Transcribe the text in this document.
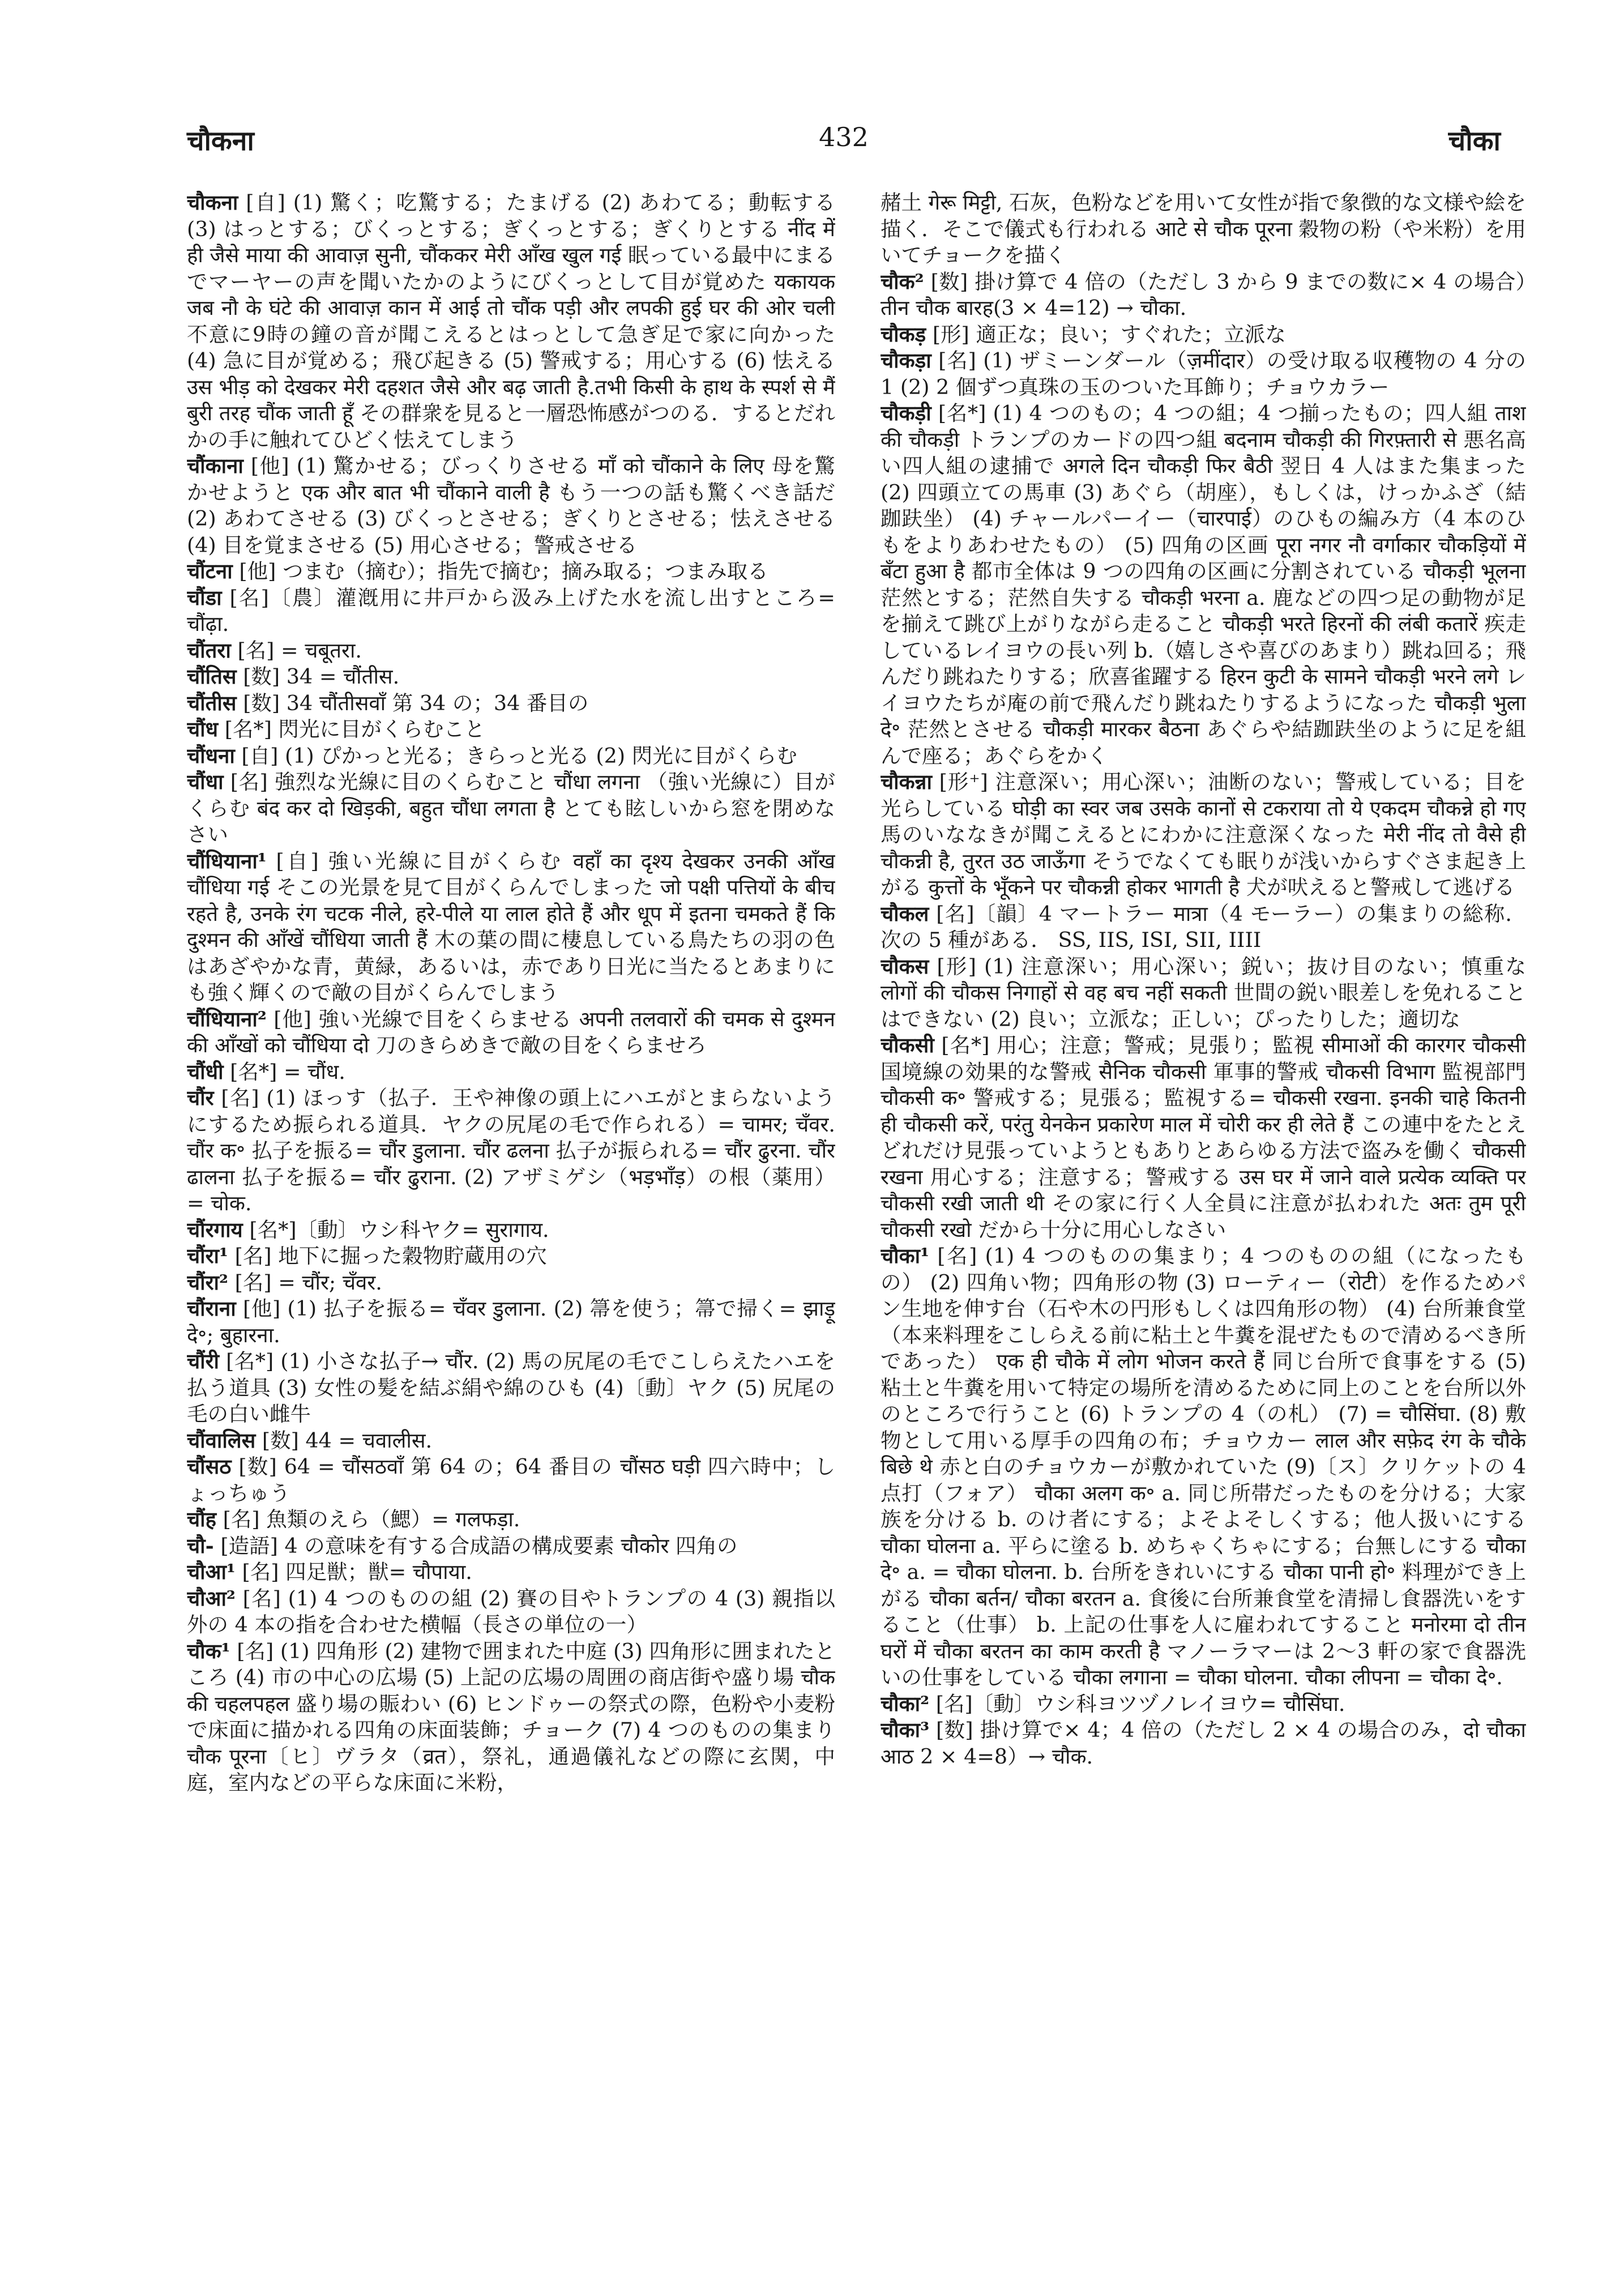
चौकना	432	चौका

चौकना [自] (1) 驚く；吃驚する；たまげる (2) あわてる；動転する (3) はっとする；びくっとする；ぎくっとする；ぎくりとする नींद में ही जैसे माया की आवाज़ सुनी, चौंककर मेरी आँख खुल गई 眠っている最中にまるでマーヤーの声を聞いたかのようにびくっとして目が覚めた यकायक जब नौ के घंटे की आवाज़ कान में आई तो चौंक पड़ी और लपकी हुई घर की ओर चली 不意に9時の鐘の音が聞こえるとはっとして急ぎ足で家に向かった (4) 急に目が覚める；飛び起きる (5) 警戒する；用心する (6) 怯える उस भीड़ को देखकर मेरी दहशत जैसे और बढ़ जाती है.तभी किसी के हाथ के स्पर्श से मैं बुरी तरह चौंक जाती हूँ その群衆を見ると一層恐怖感がつのる．するとだれかの手に触れてひどく怯えてしまう

चौंकाना [他] (1) 驚かせる；びっくりさせる माँ को चौंकाने के लिए 母を驚かせようと एक और बात भी चौंकाने वाली है もう一つの話も驚くべき話だ (2) あわてさせる (3) びくっとさせる；ぎくりとさせる；怯えさせる (4) 目を覚まさせる (5) 用心させる；警戒させる

चौंटना [他] つまむ（摘む）；指先で摘む；摘み取る；つまみ取る

चौंडा [名]〔農〕灌漑用に井戸から汲み上げた水を流し出すところ= चौंढ़ा.

चौंतरा [名] = चबूतरा.

चौंतिस [数] 34 = चौंतीस.

चौंतीस [数] 34 चौंतीसवाँ 第 34 の；34 番目の

चौंध [名*] 閃光に目がくらむこと

चौंधना [自] (1) ぴかっと光る；きらっと光る (2) 閃光に目がくらむ

चौंधा [名] 強烈な光線に目のくらむこと चौंधा लगना （強い光線に）目がくらむ बंद कर दो खिड़की, बहुत चौंधा लगता है とても眩しいから窓を閉めなさい

चौंधियाना¹ [自] 強い光線に目がくらむ वहाँ का दृश्य देखकर उनकी आँख चौंधिया गई そこの光景を見て目がくらんでしまった जो पक्षी पत्तियों के बीच रहते है, उनके रंग चटक नीले, हरे-पीले या लाल होते हैं और धूप में इतना चमकते हैं कि दुश्मन की आँखें चौंधिया जाती हैं 木の葉の間に棲息している鳥たちの羽の色はあざやかな青，黄緑，あるいは，赤であり日光に当たるとあまりにも強く輝くので敵の目がくらんでしまう

चौंधियाना² [他] 強い光線で目をくらませる अपनी तलवारों की चमक से दुश्मन की आँखों को चौंधिया दो 刀のきらめきで敵の目をくらませろ

चौंधी [名*] = चौंध.

चौंर [名] (1) ほっす（払子．王や神像の頭上にハエがとまらないようにするため振られる道具．ヤクの尻尾の毛で作られる）= चामर; चँवर. चौंर क॰ 払子を振る= चौंर डुलाना. चौंर ढलना 払子が振られる= चौंर ढुरना. चौंर ढालना 払子を振る= चौंर ढुराना. (2) アザミゲシ（भड़भाँड़）の根（薬用）= चोक.

चौंरगाय [名*]〔動〕ウシ科ヤク= सुरागाय.

चौंरा¹ [名] 地下に掘った穀物貯蔵用の穴

चौंरा² [名] = चौंर; चँवर.

चौंराना [他] (1) 払子を振る= चँवर डुलाना. (2) 箒を使う；箒で掃く= झाड़ू दे॰; बुहारना.

चौंरी [名*] (1) 小さな払子→ चौंर. (2) 馬の尻尾の毛でこしらえたハエを払う道具 (3) 女性の髪を結ぶ絹や綿のひも (4)〔動〕ヤク (5) 尻尾の毛の白い雌牛

चौंवालिस [数] 44 = चवालीस.

चौंसठ [数] 64 = चौंसठवाँ 第 64 の；64 番目の चौंसठ घड़ी 四六時中；しょっちゅう

चौंह [名] 魚類のえら（鰓）= गलफड़ा.

चौ- [造語] 4 の意味を有する合成語の構成要素 चौकोर 四角の

चौआ¹ [名] 四足獣；獣= चौपाया.

चौआ² [名] (1) 4 つのものの組 (2) 賽の目やトランプの 4 (3) 親指以外の 4 本の指を合わせた横幅（長さの単位の一）

चौक¹ [名] (1) 四角形 (2) 建物で囲まれた中庭 (3) 四角形に囲まれたところ (4) 市の中心の広場 (5) 上記の広場の周囲の商店街や盛り場 चौक की चहलपहल 盛り場の賑わい (6) ヒンドゥーの祭式の際，色粉や小麦粉で床面に描かれる四角の床面装飾；チョーク (7) 4 つのものの集まり चौक पूरना〔ヒ〕ヴラタ（व्रत），祭礼，通過儀礼などの際に玄関，中庭，室内などの平らな床面に米粉，

赭土 गेरू मिट्टी, 石灰，色粉などを用いて女性が指で象徴的な文様や絵を描く．そこで儀式も行われる आटे से चौक पूरना 穀物の粉（や米粉）を用いてチョークを描く

चौक² [数] 掛け算で 4 倍の（ただし 3 から 9 までの数に× 4 の場合）तीन चौक बारह(3 × 4=12) → चौका.

चौकड़ [形] 適正な；良い；すぐれた；立派な

चौकड़ा [名] (1) ザミーンダール（ज़मींदार）の受け取る収穫物の 4 分の 1 (2) 2 個ずつ真珠の玉のついた耳飾り；チョウカラー

चौकड़ी [名*] (1) 4 つのもの；4 つの組；4 つ揃ったもの；四人組 ताश की चौकड़ी トランプのカードの四つ組 बदनाम चौकड़ी की गिरफ़्तारी से 悪名高い四人組の逮捕で अगले दिन चौकड़ी फिर बैठी 翌日 4 人はまた集まった (2) 四頭立ての馬車 (3) あぐら（胡座），もしくは，けっかふざ（結跏趺坐） (4) チャールパーイー（चारपाई）のひもの編み方（4 本のひもをよりあわせたもの） (5) 四角の区画 पूरा नगर नौ वर्गाकार चौकड़ियों में बँटा हुआ है 都市全体は 9 つの四角の区画に分割されている चौकड़ी भूलना 茫然とする；茫然自失する चौकड़ी भरना a. 鹿などの四つ足の動物が足を揃えて跳び上がりながら走ること चौकड़ी भरते हिरनों की लंबी कतारें 疾走しているレイヨウの長い列 b.（嬉しさや喜びのあまり）跳ね回る；飛んだり跳ねたりする；欣喜雀躍する हिरन कुटी के सामने चौकड़ी भरने लगे レイヨウたちが庵の前で飛んだり跳ねたりするようになった चौकड़ी भुला दे॰ 茫然とさせる चौकड़ी मारकर बैठना あぐらや結跏趺坐のように足を組んで座る；あぐらをかく

चौकन्ना [形⁺] 注意深い；用心深い；油断のない；警戒している；目を光らしている घोड़ी का स्वर जब उसके कानों से टकराया तो ये एकदम चौकन्ने हो गए 馬のいななきが聞こえるとにわかに注意深くなった मेरी नींद तो वैसे ही चौकन्नी है, तुरत उठ जाऊँगा そうでなくても眠りが浅いからすぐさま起き上がる कुत्तों के भूँकने पर चौकन्नी होकर भागती है 犬が吠えると警戒して逃げる

चौकल [名]〔韻〕4 マートラー मात्रा（4 モーラー）の集まりの総称．次の 5 種がある． SS, IIS, ISI, SII, IIII

चौकस [形] (1) 注意深い；用心深い；鋭い；抜け目のない；慎重な लोगों की चौकस निगाहों से वह बच नहीं सकती 世間の鋭い眼差しを免れることはできない (2) 良い；立派な；正しい；ぴったりした；適切な

चौकसी [名*] 用心；注意；警戒；見張り；監視 सीमाओं की कारगर चौकसी 国境線の効果的な警戒 सैनिक चौकसी 軍事的警戒 चौकसी विभाग 監視部門 चौकसी क॰ 警戒する；見張る；監視する= चौकसी रखना. इनकी चाहे कितनी ही चौकसी करें, परंतु येनकेन प्रकारेण माल में चोरी कर ही लेते हैं この連中をたとえどれだけ見張っていようともありとあらゆる方法で盗みを働く चौकसी रखना 用心する；注意する；警戒する उस घर में जाने वाले प्रत्येक व्यक्ति पर चौकसी रखी जाती थी その家に行く人全員に注意が払われた अतः तुम पूरी चौकसी रखो だから十分に用心しなさい

चौका¹ [名] (1) 4 つのものの集まり；4 つのものの組（になったもの） (2) 四角い物；四角形の物 (3) ローティー（रोटी）を作るためパン生地を伸す台（石や木の円形もしくは四角形の物） (4) 台所兼食堂（本来料理をこしらえる前に粘土と牛糞を混ぜたもので清めるべき所であった） एक ही चौके में लोग भोजन करते हैं 同じ台所で食事をする (5) 粘土と牛糞を用いて特定の場所を清めるために同上のことを台所以外のところで行うこと (6) トランプの 4（の札） (7) = चौसिंघा. (8) 敷物として用いる厚手の四角の布；チョウカー लाल और सफ़ेद रंग के चौके बिछे थे 赤と白のチョウカーが敷かれていた (9)〔ス〕クリケットの 4 点打（フォア） चौका अलग क॰ a. 同じ所帯だったものを分ける；大家族を分ける b. のけ者にする；よそよそしくする；他人扱いにする चौका घोलना a. 平らに塗る b. めちゃくちゃにする；台無しにする चौका दे॰ a. = चौका घोलना. b. 台所をきれいにする चौका पानी हो॰ 料理ができ上がる चौका बर्तन/ चौका बरतन a. 食後に台所兼食堂を清掃し食器洗いをすること（仕事） b. 上記の仕事を人に雇われてすること मनोरमा दो तीन घरों में चौका बरतन का काम करती है マノーラマーは 2〜3 軒の家で食器洗いの仕事をしている चौका लगाना = चौका घोलना. चौका लीपना = चौका दे॰.

चौका² [名]〔動〕ウシ科ヨツヅノレイヨウ= चौसिंघा.

चौका³ [数] 掛け算で× 4；4 倍の（ただし 2 × 4 の場合のみ，दो चौका आठ 2 × 4=8）→ चौक.
